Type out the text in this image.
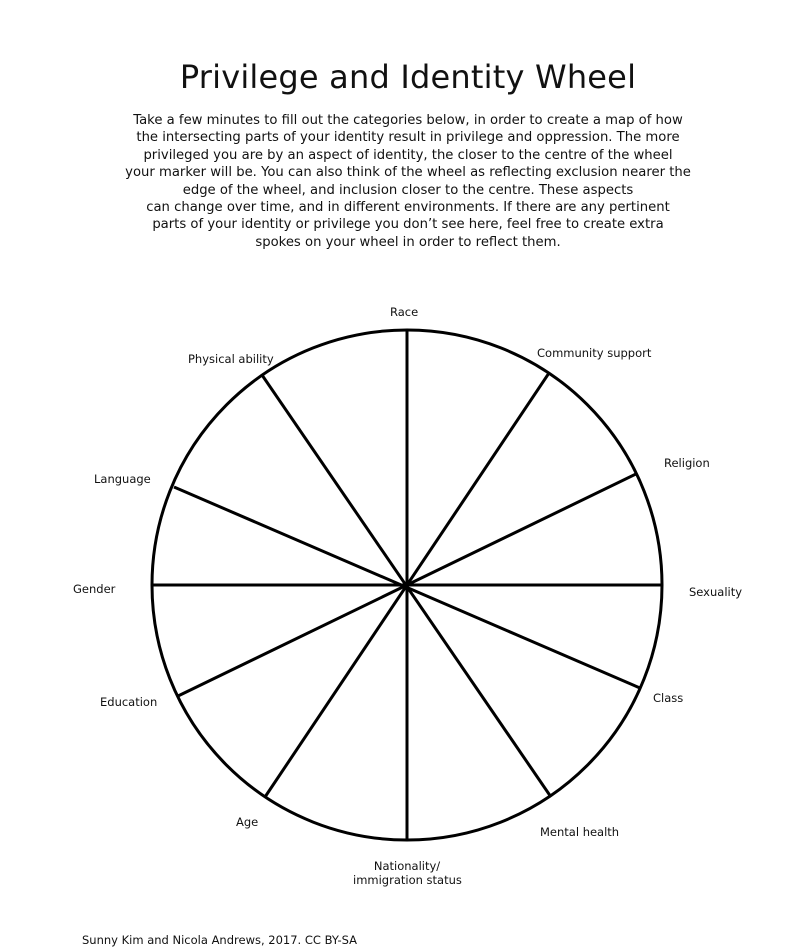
Privilege and Identity Wheel
Take a few minutes to fill out the categories below, in order to create a map of how
the intersecting parts of your identity result in privilege and oppression. The more
privileged you are by an aspect of identity, the closer to the centre of the wheel
your marker will be. You can also think of the wheel as reflecting exclusion nearer the
edge of the wheel, and inclusion closer to the centre. These aspects
can change over time, and in different environments. If there are any pertinent
parts of your identity or privilege you don’t see here, feel free to create extra
spokes on your wheel in order to reflect them.
Race
Community support
Religion
Sexuality
Class
Mental health
Nationality/
immigration status
Age
Education
Gender
Language
Physical ability
Sunny Kim and Nicola Andrews, 2017. CC BY-SA
